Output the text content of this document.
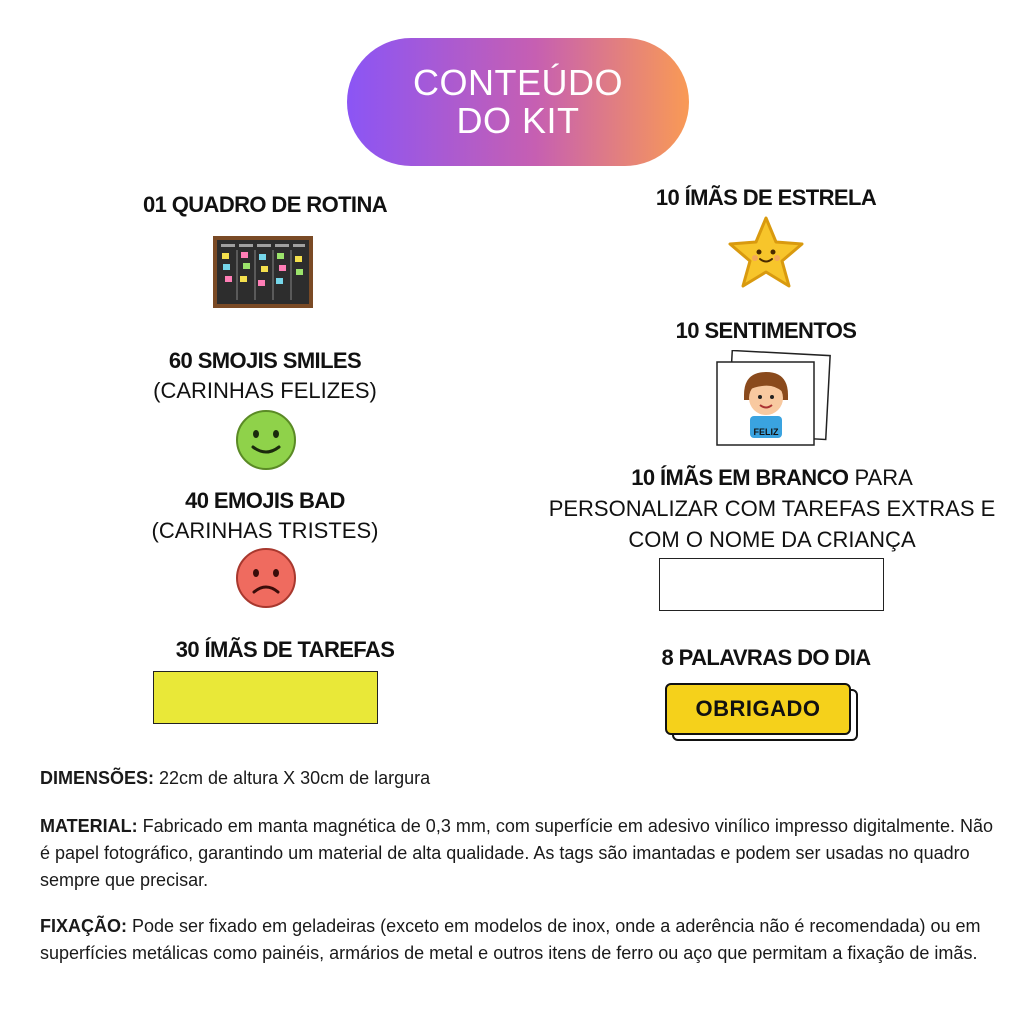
CONTEÚDO
DO KIT
01 QUADRO DE ROTINA
60 SMOJIS SMILES
(CARINHAS FELIZES)
40 EMOJIS BAD
(CARINHAS TRISTES)
30 ÍMÃS DE TAREFAS
10 ÍMÃS DE ESTRELA
10 SENTIMENTOS
FELIZ
10 ÍMÃS EM BRANCO PARA
PERSONALIZAR COM TAREFAS EXTRAS E
COM O NOME DA CRIANÇA
8 PALAVRAS DO DIA
OBRIGADO
DIMENSÕES: 22cm de altura X 30cm de largura
MATERIAL: Fabricado em manta magnética de 0,3 mm, com superfície em adesivo vinílico impresso digitalmente. Não é papel fotográfico, garantindo um material de alta qualidade. As tags são imantadas e podem ser usadas no quadro sempre que precisar.
FIXAÇÃO: Pode ser fixado em geladeiras (exceto em modelos de inox, onde a aderência não é recomendada) ou em superfícies metálicas como painéis, armários de metal e outros itens de ferro ou aço que permitam a fixação de imãs.
